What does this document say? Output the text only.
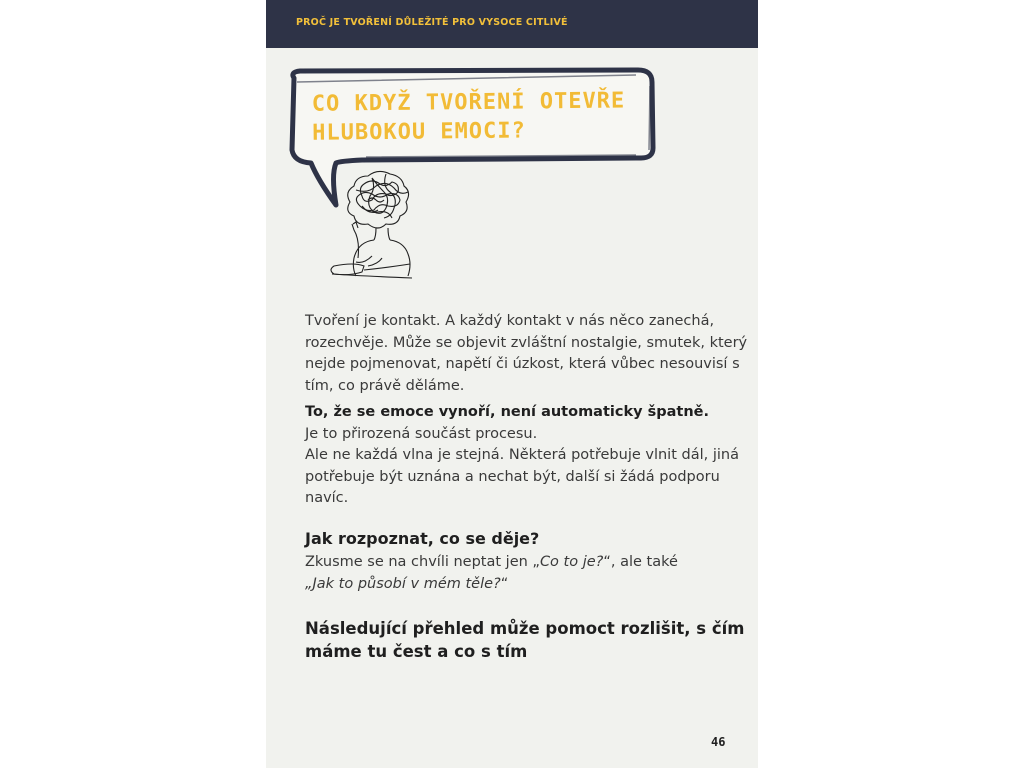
PROČ JE TVOŘENÍ DŮLEŽITÉ PRO VYSOCE CITLIVÉ
CO KDYŽ TVOŘENÍ OTEVŘE
HLUBOKOU EMOCI?
Tvoření je kontakt. A každý kontakt v nás něco zanechá, rozechvěje. Může se objevit zvláštní nostalgie, smutek, který nejde pojmenovat, napětí či úzkost, která vůbec nesouvisí s tím, co právě děláme.
To, že se emoce vynoří, není automaticky špatně.
Je to přirozená součást procesu.
Ale ne každá vlna je stejná. Některá potřebuje vlnit dál, jiná potřebuje být uznána a nechat být, další si žádá podporu navíc.
Jak rozpoznat, co se děje?
Zkusme se na chvíli neptat jen „Co to je?“, ale také
„Jak to působí v mém těle?“
Následující přehled může pomoct rozlišit, s čím máme tu čest a co s tím
46
